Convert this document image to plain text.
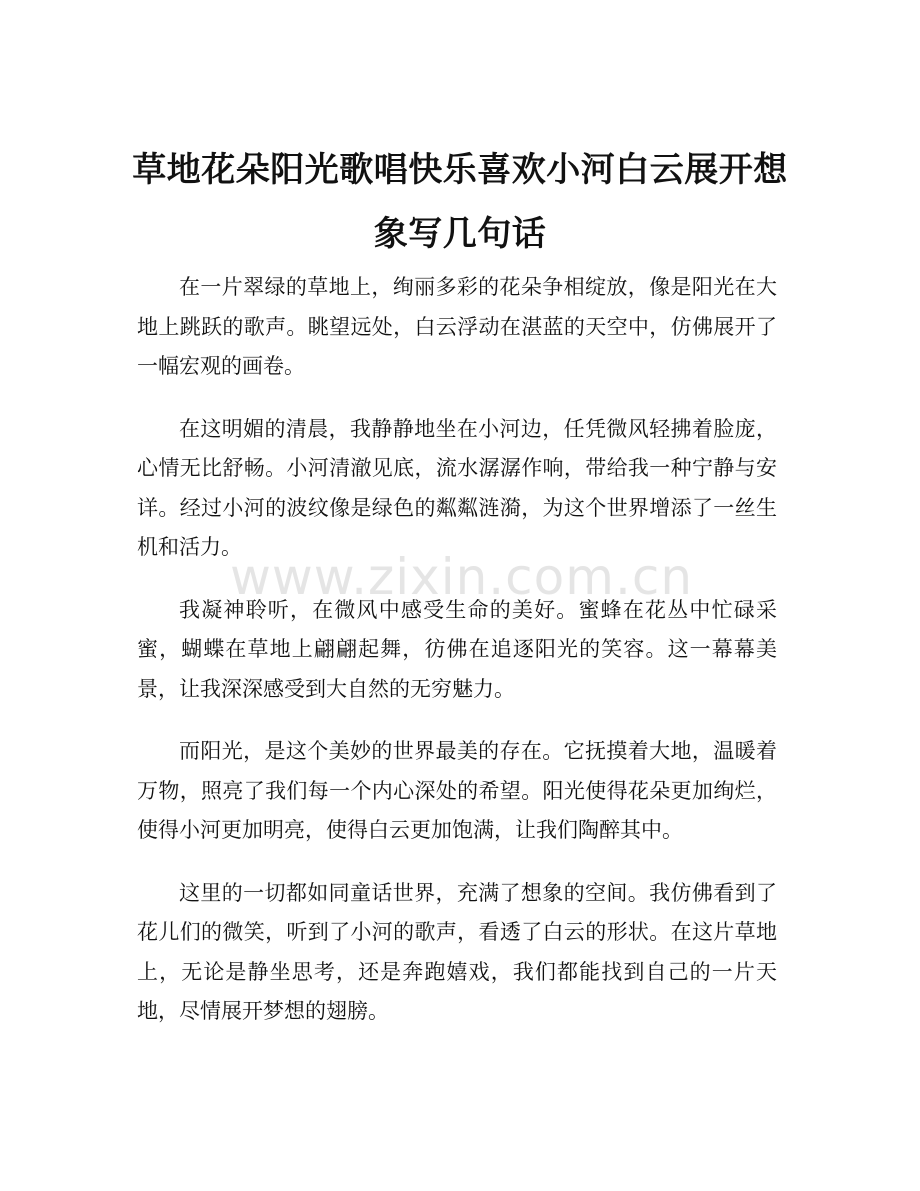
草地花朵阳光歌唱快乐喜欢小河白云展开想象写几句话

在一片翠绿的草地上，绚丽多彩的花朵争相绽放，像是阳光在大地上跳跃的歌声。眺望远处，白云浮动在湛蓝的天空中，仿佛展开了一幅宏观的画卷。

在这明媚的清晨，我静静地坐在小河边，任凭微风轻拂着脸庞，心情无比舒畅。小河清澈见底，流水潺潺作响，带给我一种宁静与安详。经过小河的波纹像是绿色的粼粼涟漪，为这个世界增添了一丝生机和活力。

我凝神聆听，在微风中感受生命的美好。蜜蜂在花丛中忙碌采蜜，蝴蝶在草地上翩翩起舞，彷佛在追逐阳光的笑容。这一幕幕美景，让我深深感受到大自然的无穷魅力。

而阳光，是这个美妙的世界最美的存在。它抚摸着大地，温暖着万物，照亮了我们每一个内心深处的希望。阳光使得花朵更加绚烂，使得小河更加明亮，使得白云更加饱满，让我们陶醉其中。

这里的一切都如同童话世界，充满了想象的空间。我仿佛看到了花儿们的微笑，听到了小河的歌声，看透了白云的形状。在这片草地上，无论是静坐思考，还是奔跑嬉戏，我们都能找到自己的一片天地，尽情展开梦想的翅膀。

www.zixin.com.cn
